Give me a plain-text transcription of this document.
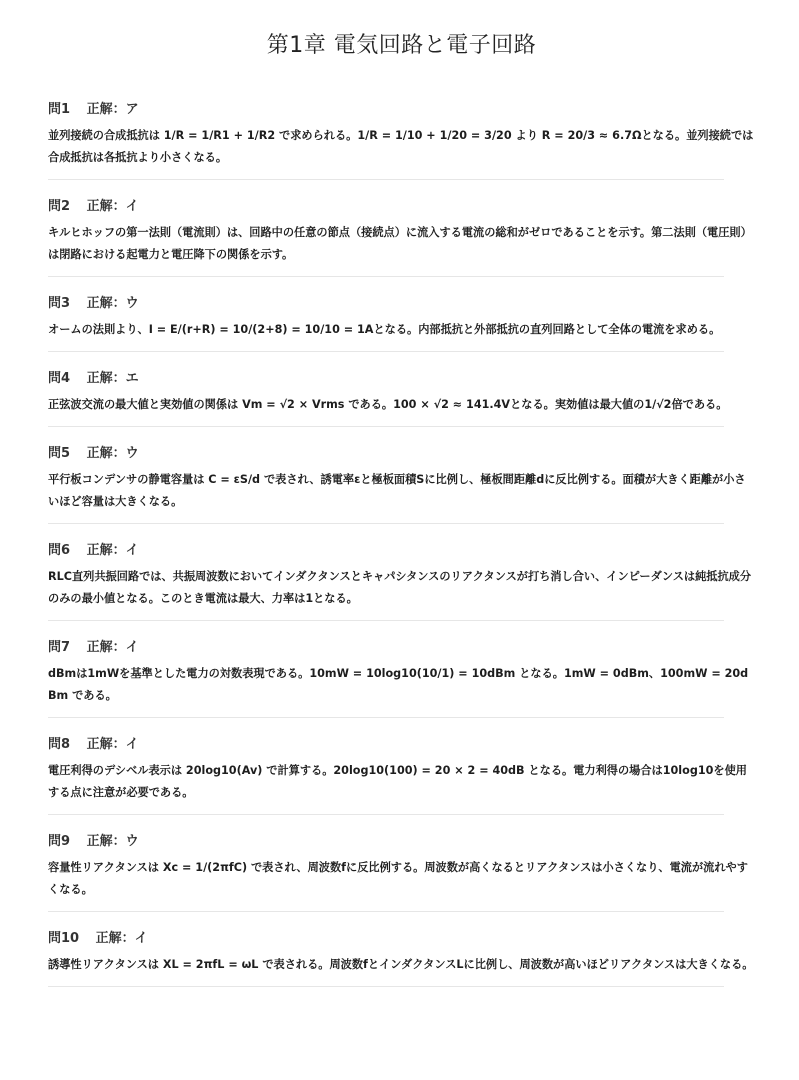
第1章 電気回路と電子回路
問1 正解：ア

並列接続の合成抵抗は 1/R = 1/R1 + 1/R2 で求められる。1/R = 1/10 + 1/20 = 3/20 より R = 20/3 ≈ 6.7Ωとなる。並列接続では合成抵抗は各抵抗より小さくなる。

問2 正解：イ

キルヒホッフの第一法則（電流則）は、回路中の任意の節点（接続点）に流入する電流の総和がゼロであることを示す。第二法則（電圧則）は閉路における起電力と電圧降下の関係を示す。

問3 正解：ウ

オームの法則より、I = E/(r+R) = 10/(2+8) = 10/10 = 1Aとなる。内部抵抗と外部抵抗の直列回路として全体の電流を求める。

問4 正解：エ

正弦波交流の最大値と実効値の関係は Vm = √2 × Vrms である。100 × √2 ≈ 141.4Vとなる。実効値は最大値の1/√2倍である。

問5 正解：ウ

平行板コンデンサの静電容量は C = εS/d で表され、誘電率εと極板面積Sに比例し、極板間距離dに反比例する。面積が大きく距離が小さいほど容量は大きくなる。

問6 正解：イ

RLC直列共振回路では、共振周波数においてインダクタンスとキャパシタンスのリアクタンスが打ち消し合い、インピーダンスは純抵抗成分のみの最小値となる。このとき電流は最大、力率は1となる。

問7 正解：イ

dBmは1mWを基準とした電力の対数表現である。10mW = 10log10(10/1) = 10dBm となる。1mW = 0dBm、100mW = 20dBm である。

問8 正解：イ

電圧利得のデシベル表示は 20log10(Av) で計算する。20log10(100) = 20 × 2 = 40dB となる。電力利得の場合は10log10を使用する点に注意が必要である。

問9 正解：ウ

容量性リアクタンスは Xc = 1/(2πfC) で表され、周波数fに反比例する。周波数が高くなるとリアクタンスは小さくなり、電流が流れやすくなる。

問10 正解：イ

誘導性リアクタンスは XL = 2πfL = ωL で表される。周波数fとインダクタンスLに比例し、周波数が高いほどリアクタンスは大きくなる。
